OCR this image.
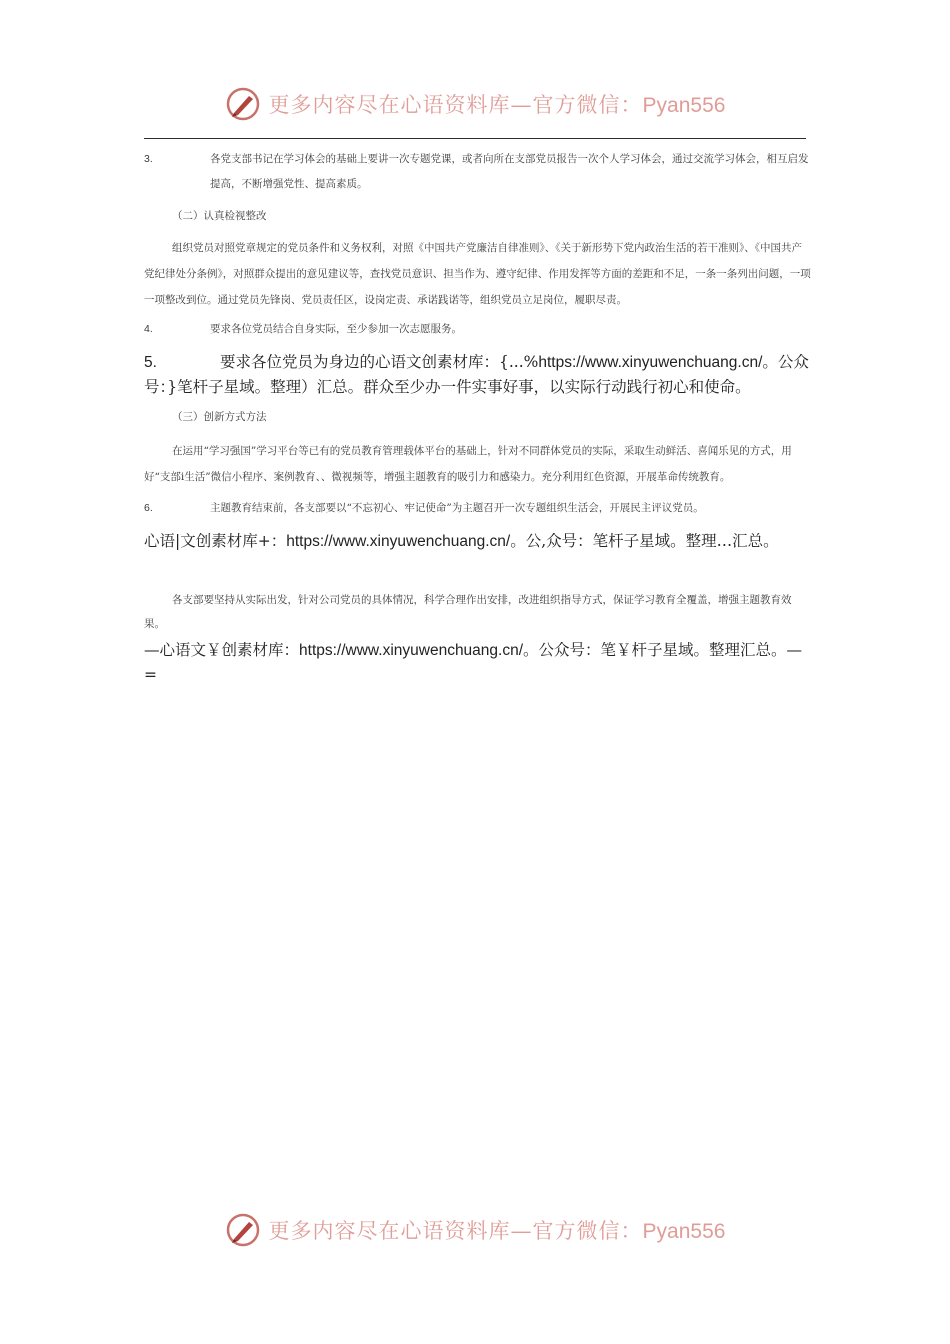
更多内容尽在心语资料库—官方微信：Pyan556
3.	各党支部书记在学习体会的基础上要讲一次专题党课，或者向所在支部党员报告一次个人学习体会，通过交流学习体会，相互启发提高，不断增强党性、提高素质。
（二）认真检视整改

组织党员对照党章规定的党员条件和义务权利，对照《中国共产党廉洁自律准则》、《关于新形势下党内政治生活的若干准则》、《中国共产党纪律处分条例》，对照群众提出的意见建议等，查找党员意识、担当作为、遵守纪律、作用发挥等方面的差距和不足，一条一条列出问题，一项一项整改到位。通过党员先锋岗、党员责任区，设岗定责、承诺践诺等，组织党员立足岗位，履职尽责。

4.	要求各位党员结合自身实际，至少参加一次志愿服务。
5.	要求各位党员为身边的心语文创素材库：{...%https://www.xinyuwenchuang.cn/。公众号：}笔杆子星域。整理）汇总。群众至少办一件实事好事，以实际行动践行初心和使命。
（三）创新方式方法

在运用“学习强国”学习平台等已有的党员教育管理载体平台的基础上，针对不同群体党员的实际，采取生动鲜活、喜闻乐见的方式，用好“支部i生活”微信小程序、案例教育、、微视频等，增强主题教育的吸引力和感染力。充分利用红色资源，开展革命传统教育。

6.	主题教育结束前，各支部要以“不忘初心、牢记使命”为主题召开一次专题组织生活会，开展民主评议党员。
心语|文创素材库+：https://www.xinyuwenchuang.cn/。公,众号：笔杆子星域。整理…汇总。

各支部要坚持从实际出发，针对公司党员的具体情况，科学合理作出安排，改进组织指导方式，保证学习教育全覆盖，增强主题教育效果。

—心语文￥创素材库：https://www.xinyuwenchuang.cn/。公众号：笔￥杆子星域。整理汇总。—=
更多内容尽在心语资料库—官方微信：Pyan556
